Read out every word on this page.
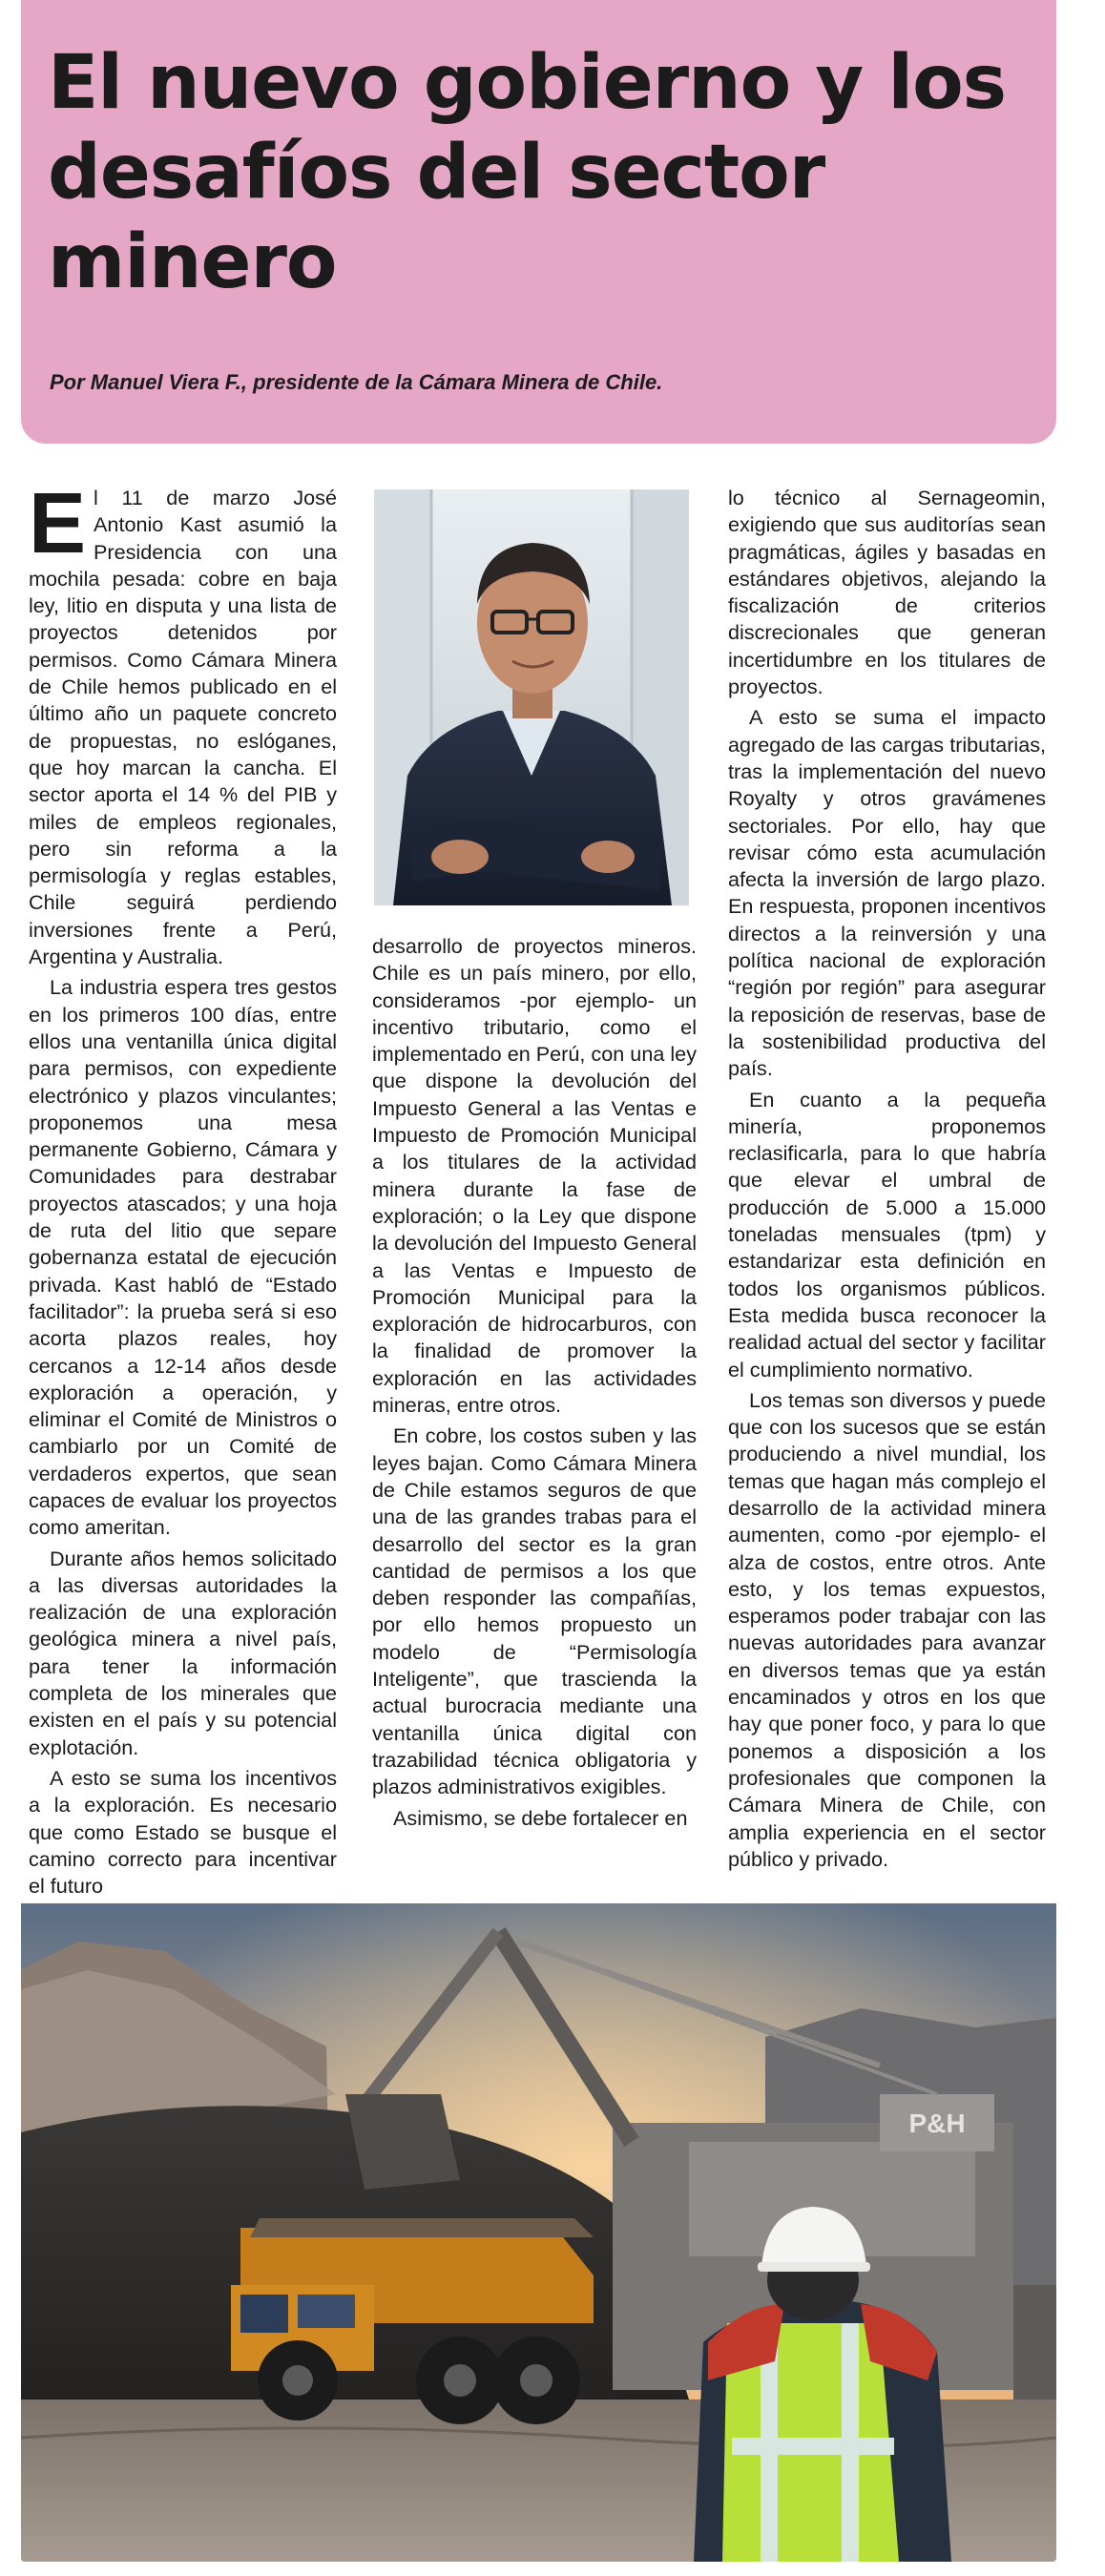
El nuevo gobierno y los desafíos del sector minero

Por Manuel Viera F., presidente de la Cámara Minera de Chile.

El 11 de marzo José Antonio Kast asumió la Presidencia con una mochila pesada: cobre en baja ley, litio en disputa y una lista de proyectos detenidos por permisos. Como Cámara Minera de Chile hemos publicado en el último año un paquete concreto de propuestas, no eslóganes, que hoy marcan la cancha. El sector aporta el 14 % del PIB y miles de empleos regionales, pero sin reforma a la permisología y reglas estables, Chile seguirá perdiendo inversiones frente a Perú, Argentina y Australia.

La industria espera tres gestos en los primeros 100 días, entre ellos una ventanilla única digital para permisos, con expediente electrónico y plazos vinculantes; proponemos una mesa permanente Gobierno, Cámara y Comunidades para destrabar proyectos atascados; y una hoja de ruta del litio que separe gobernanza estatal de ejecución privada. Kast habló de “Estado facilitador”: la prueba será si eso acorta plazos reales, hoy cercanos a 12-14 años desde exploración a operación, y eliminar el Comité de Ministros o cambiarlo por un Comité de verdaderos expertos, que sean capaces de evaluar los proyectos como ameritan.

Durante años hemos solicitado a las diversas autoridades la realización de una exploración geológica minera a nivel país, para tener la información completa de los minerales que existen en el país y su potencial explotación.

A esto se suma los incentivos a la exploración. Es necesario que como Estado se busque el camino correcto para incentivar el futuro

desarrollo de proyectos mineros. Chile es un país minero, por ello, consideramos -por ejemplo- un incentivo tributario, como el implementado en Perú, con una ley que dispone la devolución del Impuesto General a las Ventas e Impuesto de Promoción Municipal a los titulares de la actividad minera durante la fase de exploración; o la Ley que dispone la devolución del Impuesto General a las Ventas e Impuesto de Promoción Municipal para la exploración de hidrocarburos, con la finalidad de promover la exploración en las actividades mineras, entre otros.

En cobre, los costos suben y las leyes bajan. Como Cámara Minera de Chile estamos seguros de que una de las grandes trabas para el desarrollo del sector es la gran cantidad de permisos a los que deben responder las compañías, por ello hemos propuesto un modelo de “Permisología Inteligente”, que trascienda la actual burocracia mediante una ventanilla única digital con trazabilidad técnica obligatoria y plazos administrativos exigibles.

Asimismo, se debe fortalecer en

lo técnico al Sernageomin, exigiendo que sus auditorías sean pragmáticas, ágiles y basadas en estándares objetivos, alejando la fiscalización de criterios discrecionales que generan incertidumbre en los titulares de proyectos.

A esto se suma el impacto agregado de las cargas tributarias, tras la implementación del nuevo Royalty y otros gravámenes sectoriales. Por ello, hay que revisar cómo esta acumulación afecta la inversión de largo plazo. En respuesta, proponen incentivos directos a la reinversión y una política nacional de exploración “región por región” para asegurar la reposición de reservas, base de la sostenibilidad productiva del país.

En cuanto a la pequeña minería, proponemos reclasificarla, para lo que habría que elevar el umbral de producción de 5.000 a 15.000 toneladas mensuales (tpm) y estandarizar esta definición en todos los organismos públicos. Esta medida busca reconocer la realidad actual del sector y facilitar el cumplimiento normativo.

Los temas son diversos y puede que con los sucesos que se están produciendo a nivel mundial, los temas que hagan más complejo el desarrollo de la actividad minera aumenten, como -por ejemplo- el alza de costos, entre otros. Ante esto, y los temas expuestos, esperamos poder trabajar con las nuevas autoridades para avanzar en diversos temas que ya están encaminados y otros en los que hay que poner foco, y para lo que ponemos a disposición a los profesionales que componen la Cámara Minera de Chile, con amplia experiencia en el sector público y privado.

P&H
